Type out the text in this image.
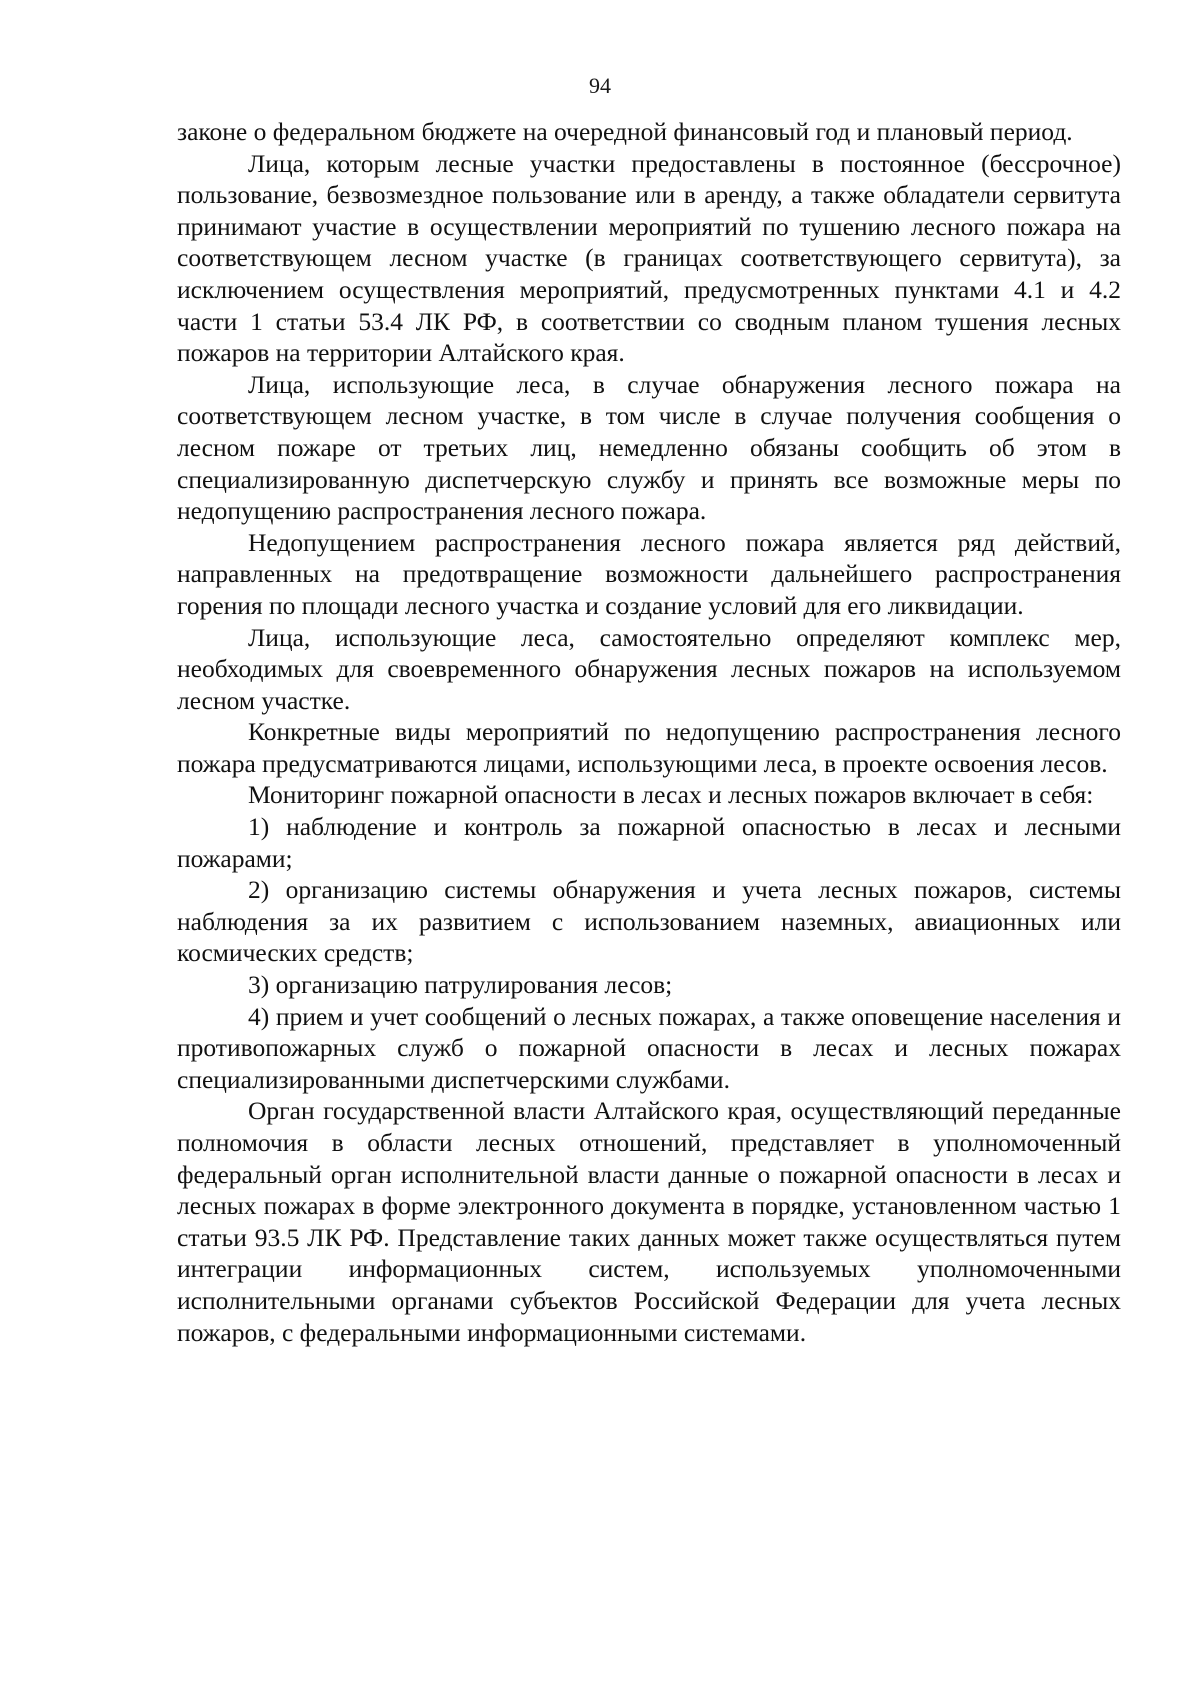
94

законе о федеральном бюджете на очередной финансовый год и плановый период.

Лица, которым лесные участки предоставлены в постоянное (бессрочное) пользование, безвозмездное пользование или в аренду, а также обладатели сервитута принимают участие в осуществлении мероприятий по тушению лесного пожара на соответствующем лесном участке (в границах соответствующего сервитута), за исключением осуществления мероприятий, предусмотренных пунктами 4.1 и 4.2 части 1 статьи 53.4 ЛК РФ, в соответствии со сводным планом тушения лесных пожаров на территории Алтайского края.

Лица, использующие леса, в случае обнаружения лесного пожара на соответствующем лесном участке, в том числе в случае получения сообщения о лесном пожаре от третьих лиц, немедленно обязаны сообщить об этом в специализированную диспетчерскую службу и принять все возможные меры по недопущению распространения лесного пожара.

Недопущением распространения лесного пожара является ряд действий, направленных на предотвращение возможности дальнейшего распространения горения по площади лесного участка и создание условий для его ликвидации.

Лица, использующие леса, самостоятельно определяют комплекс мер, необходимых для своевременного обнаружения лесных пожаров на используемом лесном участке.

Конкретные виды мероприятий по недопущению распространения лесного пожара предусматриваются лицами, использующими леса, в проекте освоения лесов.

Мониторинг пожарной опасности в лесах и лесных пожаров включает в себя:

1) наблюдение и контроль за пожарной опасностью в лесах и лесными пожарами;

2) организацию системы обнаружения и учета лесных пожаров, системы наблюдения за их развитием с использованием наземных, авиационных или космических средств;

3) организацию патрулирования лесов;

4) прием и учет сообщений о лесных пожарах, а также оповещение населения и противопожарных служб о пожарной опасности в лесах и лесных пожарах специализированными диспетчерскими службами.

Орган государственной власти Алтайского края, осуществляющий переданные полномочия в области лесных отношений, представляет в уполномоченный федеральный орган исполнительной власти данные о пожарной опасности в лесах и лесных пожарах в форме электронного документа в порядке, установленном частью 1 статьи 93.5 ЛК РФ. Представление таких данных может также осуществляться путем интеграции информационных систем, используемых уполномоченными исполнительными органами субъектов Российской Федерации для учета лесных пожаров, с федеральными информационными системами.
